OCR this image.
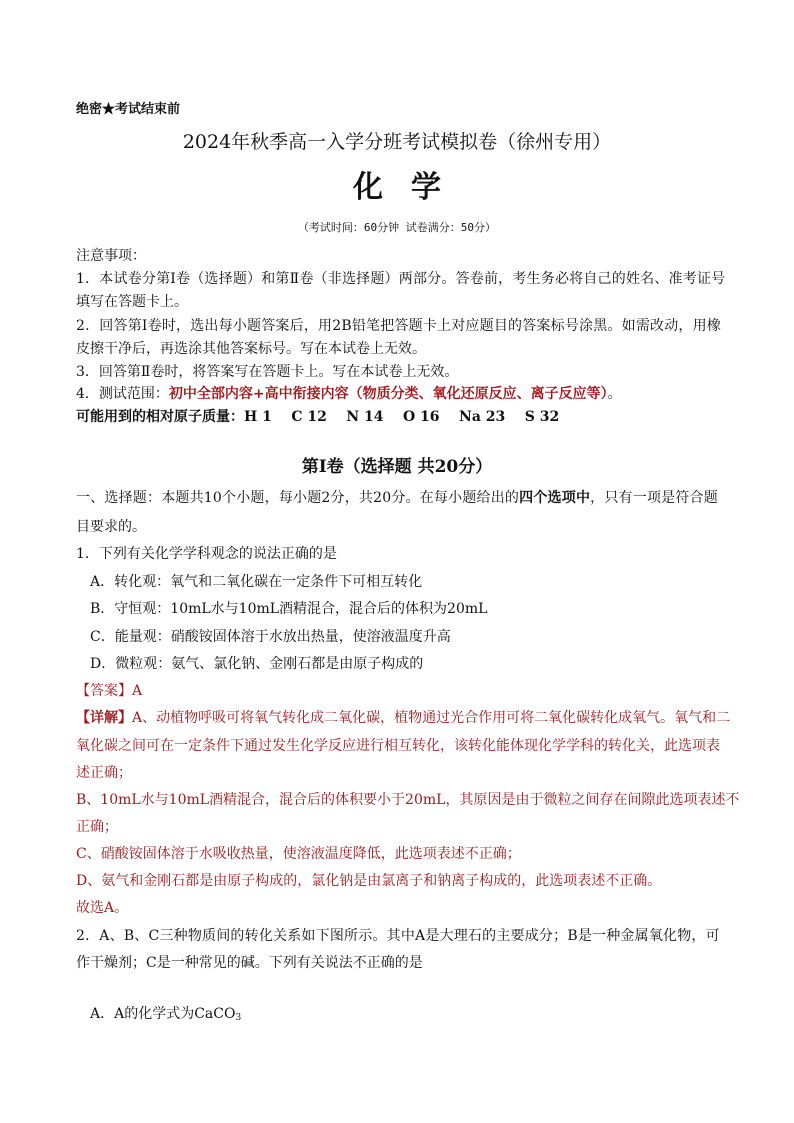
绝密★考试结束前
2024年秋季高一入学分班考试模拟卷（徐州专用）
化学
（考试时间：60分钟 试卷满分：50分）
注意事项：
1．本试卷分第Ⅰ卷（选择题）和第Ⅱ卷（非选择题）两部分。答卷前，考生务必将自己的姓名、准考证号
填写在答题卡上。
2．回答第Ⅰ卷时，选出每小题答案后，用2B铅笔把答题卡上对应题目的答案标号涂黑。如需改动，用橡
皮擦干净后，再选涂其他答案标号。写在本试卷上无效。
3．回答第Ⅱ卷时，将答案写在答题卡上。写在本试卷上无效。
4．测试范围：初中全部内容+高中衔接内容（物质分类、氧化还原反应、离子反应等）。
可能用到的相对原子质量：H 1    C 12    N 14    O 16    Na 23    S 32
第Ⅰ卷（选择题 共20分）
一、选择题：本题共10个小题，每小题2分，共20分。在每小题给出的四个选项中，只有一项是符合题
目要求的。
1．下列有关化学学科观念的说法正确的是
A．转化观：氧气和二氧化碳在一定条件下可相互转化
B．守恒观：10mL水与10mL酒精混合，混合后的体积为20mL
C．能量观：硝酸铵固体溶于水放出热量，使溶液温度升高
D．微粒观：氨气、氯化钠、金刚石都是由原子构成的
【答案】A
【详解】A、动植物呼吸可将氧气转化成二氧化碳，植物通过光合作用可将二氧化碳转化成氧气。氧气和二
氧化碳之间可在一定条件下通过发生化学反应进行相互转化，该转化能体现化学学科的转化关，此选项表
述正确；
B、10mL水与10mL酒精混合，混合后的体积要小于20mL，其原因是由于微粒之间存在间隙此选项表述不
正确；
C、硝酸铵固体溶于水吸收热量，使溶液温度降低，此选项表述不正确；
D、氨气和金刚石都是由原子构成的，氯化钠是由氯离子和钠离子构成的，此选项表述不正确。
故选A。
2．A、B、C三种物质间的转化关系如下图所示。其中A是大理石的主要成分；B是一种金属氧化物，可
作干燥剂；C是一种常见的碱。下列有关说法不正确的是
A．A的化学式为CaCO$_3$
